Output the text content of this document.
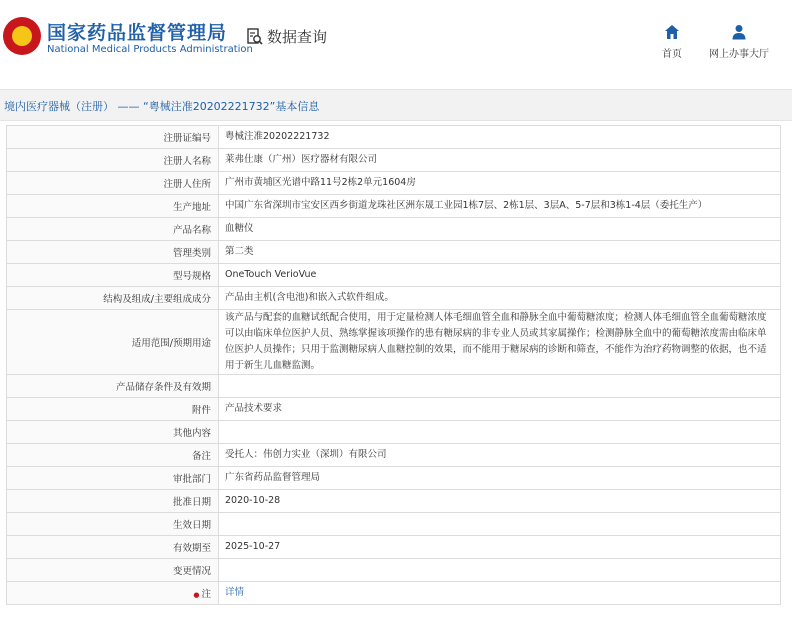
国家药品监督管理局
National Medical Products Administration
数据查询
首页	网上办事大厅
境内医疗器械（注册） —— “粤械注准20202221732”基本信息
注册证编号	粤械注准20202221732
注册人名称	莱弗仕康（广州）医疗器材有限公司
注册人住所	广州市黄埔区光谱中路11号2栋2单元1604房
生产地址	中国广东省深圳市宝安区西乡街道龙珠社区洲东晟工业园1栋7层、2栋1层、3层A、5-7层和3栋1-4层（委托生产）
产品名称	血糖仪
管理类别	第二类
型号规格	OneTouch VerioVue
结构及组成/主要组成成分	产品由主机(含电池)和嵌入式软件组成。
适用范围/预期用途	该产品与配套的血糖试纸配合使用，用于定量检测人体毛细血管全血和静脉全血中葡萄糖浓度；检测人体毛细血管全血葡萄糖浓度可以由临床单位医护人员、熟练掌握该项操作的患有糖尿病的非专业人员或其家属操作；检测静脉全血中的葡萄糖浓度需由临床单位医护人员操作；只用于监测糖尿病人血糖控制的效果，而不能用于糖尿病的诊断和筛查，不能作为治疗药物调整的依据，也不适用于新生儿血糖监测。
产品储存条件及有效期	
附件	产品技术要求
其他内容	
备注	受托人：伟创力实业（深圳）有限公司
审批部门	广东省药品监督管理局
批准日期	2020-10-28
生效日期	
有效期至	2025-10-27
变更情况	
● 注	详情
